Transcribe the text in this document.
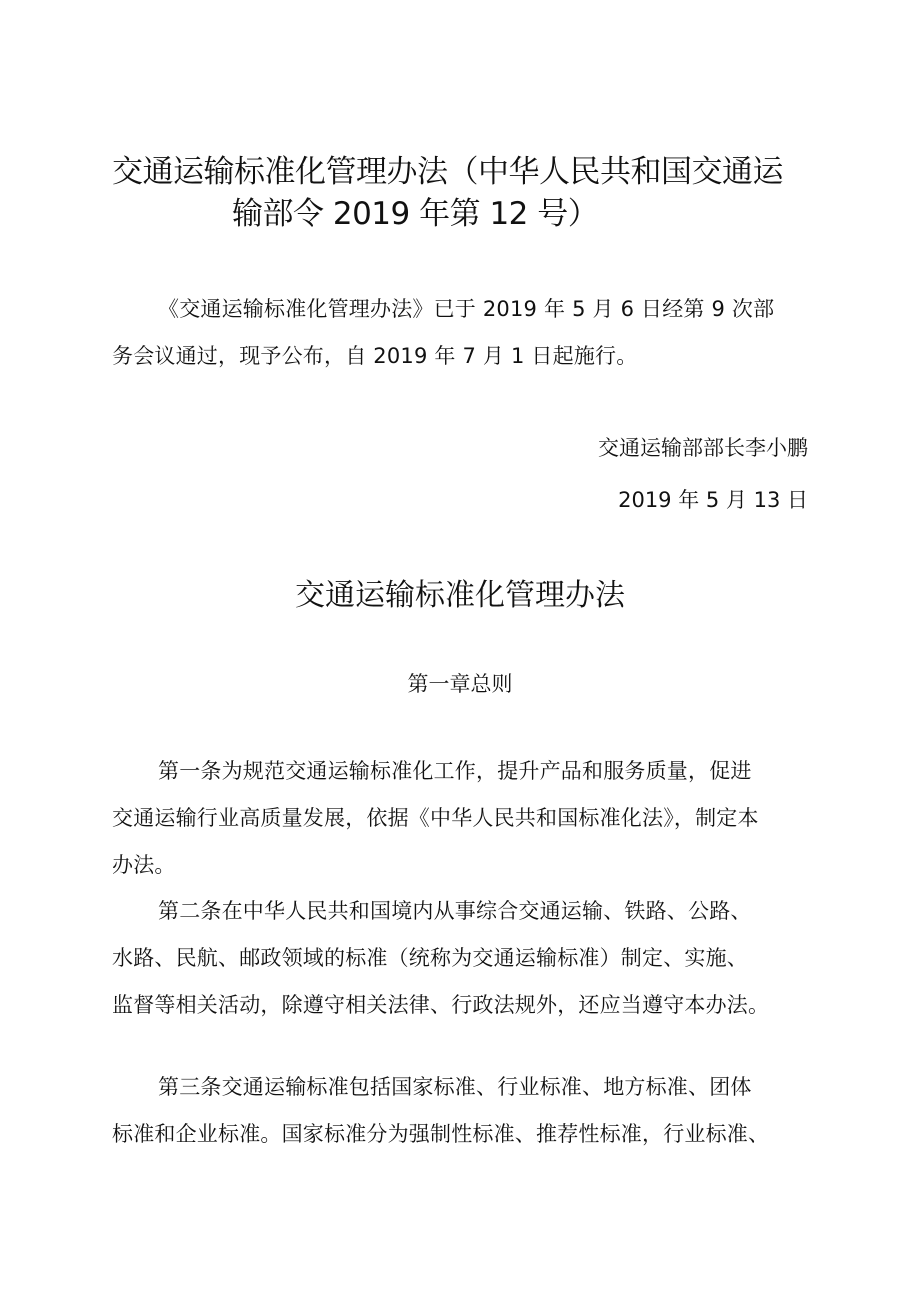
交通运输标准化管理办法（中华人民共和国交通运
输部令 2019 年第 12 号）
《交通运输标准化管理办法》已于 2019 年 5 月 6 日经第 9 次部
务会议通过，现予公布，自 2019 年 7 月 1 日起施行。
交通运输部部长李小鹏
2019 年 5 月 13 日
交通运输标准化管理办法
第一章总则
第一条为规范交通运输标准化工作，提升产品和服务质量，促进
交通运输行业高质量发展，依据《中华人民共和国标准化法》，制定本
办法。
第二条在中华人民共和国境内从事综合交通运输、铁路、公路、
水路、民航、邮政领域的标准（统称为交通运输标准）制定、实施、
监督等相关活动，除遵守相关法律、行政法规外，还应当遵守本办法。
第三条交通运输标准包括国家标准、行业标准、地方标准、团体
标准和企业标准。国家标准分为强制性标准、推荐性标准，行业标准、
